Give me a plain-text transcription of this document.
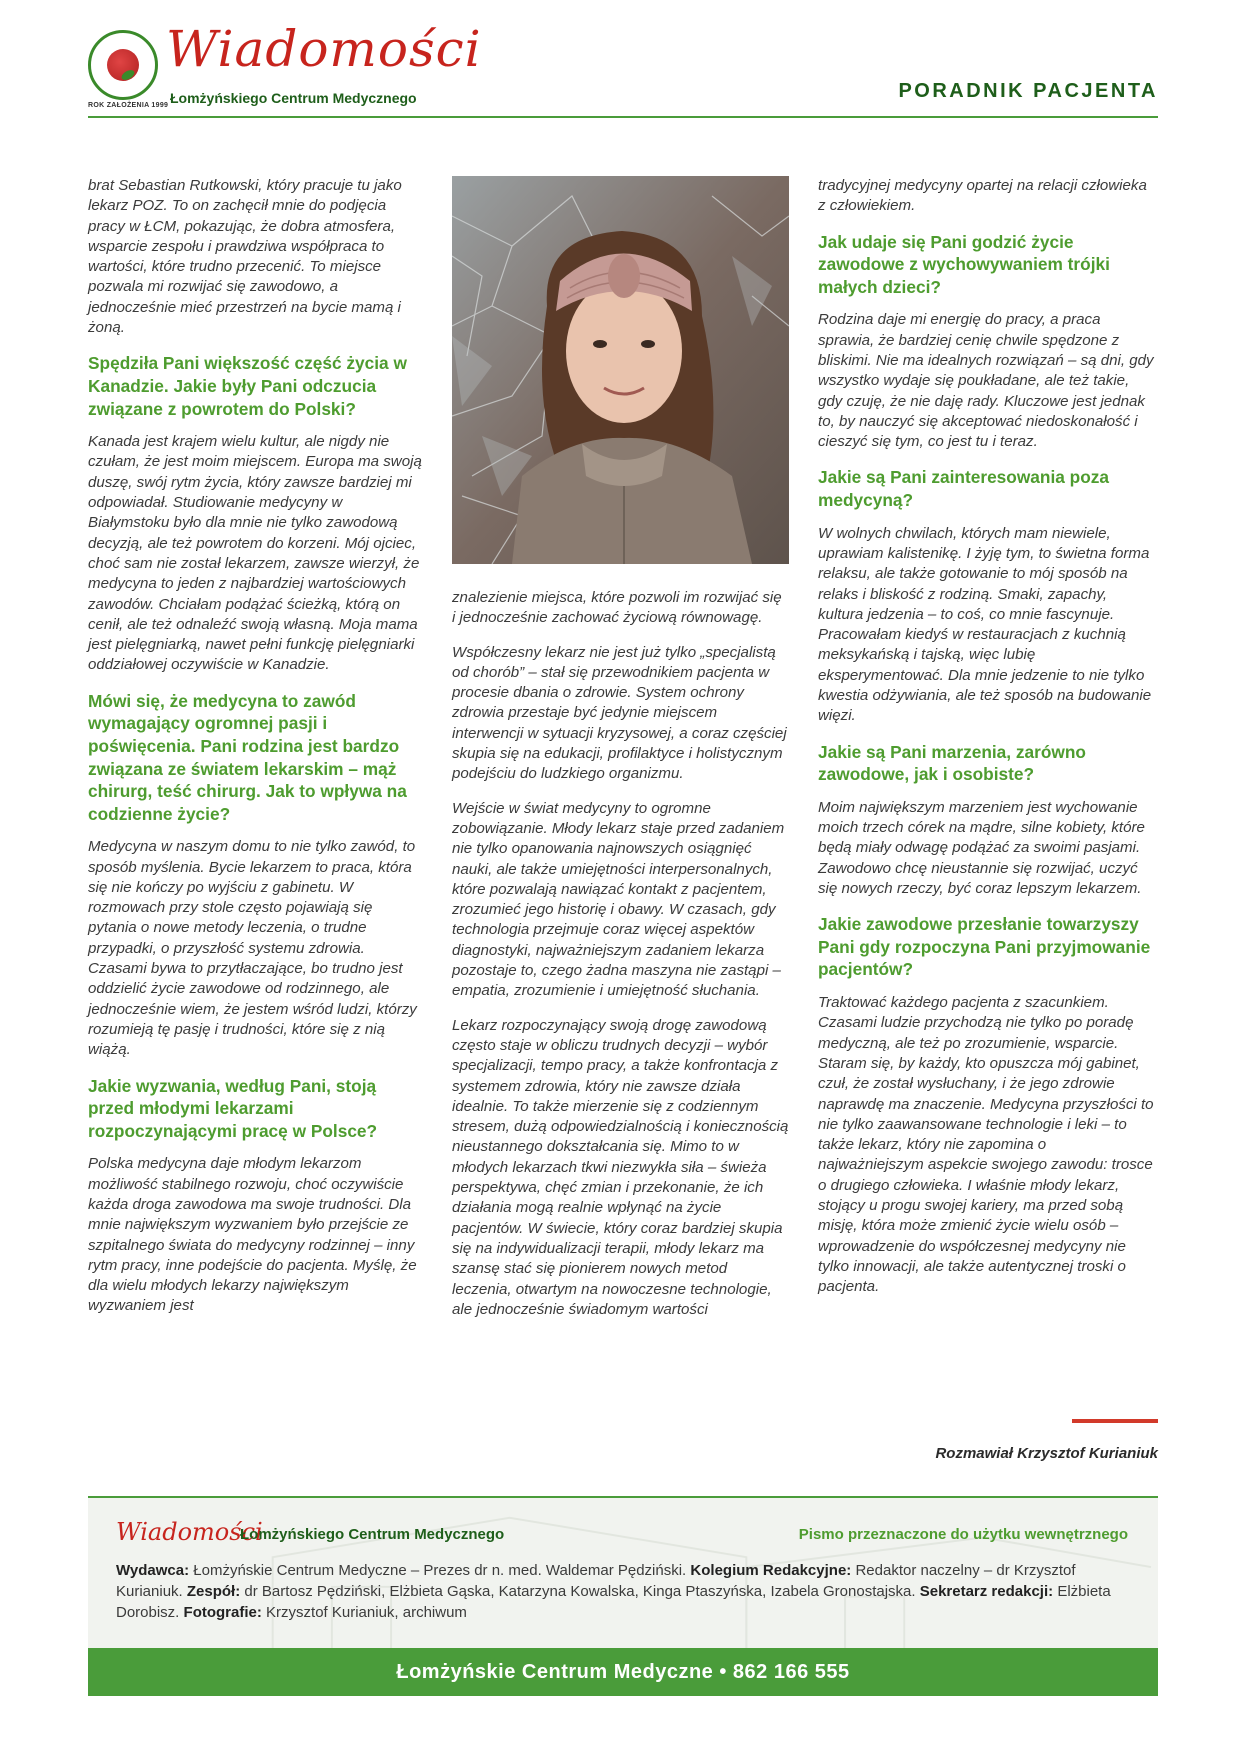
ROK ZAŁOŻENIA 1999
Wiadomości
Łomżyńskiego Centrum Medycznego	PORADNIK PACJENTA

brat Sebastian Rutkowski, który pracuje tu jako lekarz POZ. To on zachęcił mnie do podjęcia pracy w ŁCM, pokazując, że dobra atmosfera, wsparcie zespołu i prawdziwa współpraca to wartości, które trudno przecenić. To miejsce pozwala mi rozwijać się zawodowo, a jednocześnie mieć przestrzeń na bycie mamą i żoną.

Spędziła Pani większość część życia w Kanadzie. Jakie były Pani odczucia związane z powrotem do Polski?

Kanada jest krajem wielu kultur, ale nigdy nie czułam, że jest moim miejscem. Europa ma swoją duszę, swój rytm życia, który zawsze bardziej mi odpowiadał. Studiowanie medycyny w Białymstoku było dla mnie nie tylko zawodową decyzją, ale też powrotem do korzeni. Mój ojciec, choć sam nie został lekarzem, zawsze wierzył, że medycyna to jeden z najbardziej wartościowych zawodów. Chciałam podążać ścieżką, którą on cenił, ale też odnaleźć swoją własną. Moja mama jest pielęgniarką, nawet pełni funkcję pielęgniarki oddziałowej oczywiście w Kanadzie.

Mówi się, że medycyna to zawód wymagający ogromnej pasji i poświęcenia. Pani rodzina jest bardzo związana ze światem lekarskim – mąż chirurg, teść chirurg. Jak to wpływa na codzienne życie?

Medycyna w naszym domu to nie tylko zawód, to sposób myślenia. Bycie lekarzem to praca, która się nie kończy po wyjściu z gabinetu. W rozmowach przy stole często pojawiają się pytania o nowe metody leczenia, o trudne przypadki, o przyszłość systemu zdrowia. Czasami bywa to przytłaczające, bo trudno jest oddzielić życie zawodowe od rodzinnego, ale jednocześnie wiem, że jestem wśród ludzi, którzy rozumieją tę pasję i trudności, które się z nią wiążą.

Jakie wyzwania, według Pani, stoją przed młodymi lekarzami rozpoczynającymi pracę w Polsce?

Polska medycyna daje młodym lekarzom możliwość stabilnego rozwoju, choć oczywiście każda droga zawodowa ma swoje trudności. Dla mnie największym wyzwaniem było przejście ze szpitalnego świata do medycyny rodzinnej – inny rytm pracy, inne podejście do pacjenta. Myślę, że dla wielu młodych lekarzy największym wyzwaniem jest

znalezienie miejsca, które pozwoli im rozwijać się i jednocześnie zachować życiową równowagę.

Współczesny lekarz nie jest już tylko „specjalistą od chorób” – stał się przewodnikiem pacjenta w procesie dbania o zdrowie. System ochrony zdrowia przestaje być jedynie miejscem interwencji w sytuacji kryzysowej, a coraz częściej skupia się na edukacji, profilaktyce i holistycznym podejściu do ludzkiego organizmu.

Wejście w świat medycyny to ogromne zobowiązanie. Młody lekarz staje przed zadaniem nie tylko opanowania najnowszych osiągnięć nauki, ale także umiejętności interpersonalnych, które pozwalają nawiązać kontakt z pacjentem, zrozumieć jego historię i obawy. W czasach, gdy technologia przejmuje coraz więcej aspektów diagnostyki, najważniejszym zadaniem lekarza pozostaje to, czego żadna maszyna nie zastąpi – empatia, zrozumienie i umiejętność słuchania.

Lekarz rozpoczynający swoją drogę zawodową często staje w obliczu trudnych decyzji – wybór specjalizacji, tempo pracy, a także konfrontacja z systemem zdrowia, który nie zawsze działa idealnie. To także mierzenie się z codziennym stresem, dużą odpowiedzialnością i koniecznością nieustannego dokształcania się. Mimo to w młodych lekarzach tkwi niezwykła siła – świeża perspektywa, chęć zmian i przekonanie, że ich działania mogą realnie wpłynąć na życie pacjentów. W świecie, który coraz bardziej skupia się na indywidualizacji terapii, młody lekarz ma szansę stać się pionierem nowych metod leczenia, otwartym na nowoczesne technologie, ale jednocześnie świadomym wartości

tradycyjnej medycyny opartej na relacji człowieka z człowiekiem.

Jak udaje się Pani godzić życie zawodowe z wychowywaniem trójki małych dzieci?

Rodzina daje mi energię do pracy, a praca sprawia, że bardziej cenię chwile spędzone z bliskimi. Nie ma idealnych rozwiązań – są dni, gdy wszystko wydaje się poukładane, ale też takie, gdy czuję, że nie daję rady. Kluczowe jest jednak to, by nauczyć się akceptować niedoskonałość i cieszyć się tym, co jest tu i teraz.

Jakie są Pani zainteresowania poza medycyną?

W wolnych chwilach, których mam niewiele, uprawiam kalistenikę. I żyję tym, to świetna forma relaksu, ale także gotowanie to mój sposób na relaks i bliskość z rodziną. Smaki, zapachy, kultura jedzenia – to coś, co mnie fascynuje. Pracowałam kiedyś w restauracjach z kuchnią meksykańską i tajską, więc lubię eksperymentować. Dla mnie jedzenie to nie tylko kwestia odżywiania, ale też sposób na budowanie więzi.

Jakie są Pani marzenia, zarówno zawodowe, jak i osobiste?

Moim największym marzeniem jest wychowanie moich trzech córek na mądre, silne kobiety, które będą miały odwagę podążać za swoimi pasjami. Zawodowo chcę nieustannie się rozwijać, uczyć się nowych rzeczy, być coraz lepszym lekarzem.

Jakie zawodowe przesłanie towarzyszy Pani gdy rozpoczyna Pani przyjmowanie pacjentów?

Traktować każdego pacjenta z szacunkiem. Czasami ludzie przychodzą nie tylko po poradę medyczną, ale też po zrozumienie, wsparcie. Staram się, by każdy, kto opuszcza mój gabinet, czuł, że został wysłuchany, i że jego zdrowie naprawdę ma znaczenie. Medycyna przyszłości to nie tylko zaawansowane technologie i leki – to także lekarz, który nie zapomina o najważniejszym aspekcie swojego zawodu: trosce o drugiego człowieka. I właśnie młody lekarz, stojący u progu swojej kariery, ma przed sobą misję, która może zmienić życie wielu osób – wprowadzenie do współczesnej medycyny nie tylko innowacji, ale także autentycznej troski o pacjenta.

Rozmawiał Krzysztof Kurianiuk
Wiadomości
Łomżyńskiego Centrum Medycznego	Pismo przeznaczone do użytku wewnętrznego
Wydawca: Łomżyńskie Centrum Medyczne – Prezes dr n. med. Waldemar Pędziński. Kolegium Redakcyjne: Redaktor naczelny – dr Krzysztof Kurianiuk. Zespół: dr Bartosz Pędziński, Elżbieta Gąska, Katarzyna Kowalska, Kinga Ptaszyńska, Izabela Gronostajska. Sekretarz redakcji: Elżbieta Dorobisz. Fotografie: Krzysztof Kurianiuk, archiwum
Łomżyńskie Centrum Medyczne • 862 166 555
